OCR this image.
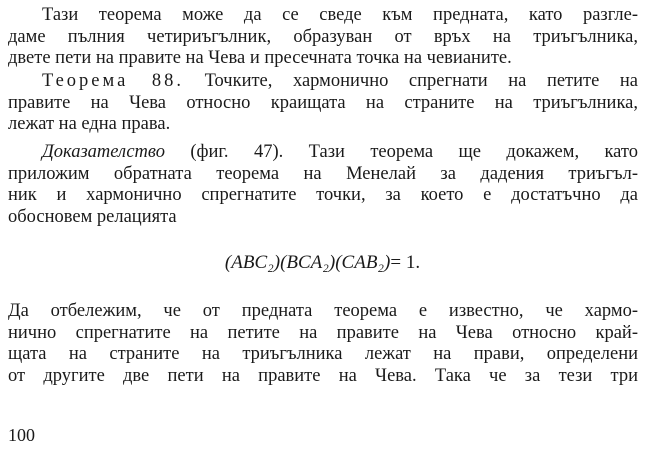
Тази теорема може да се сведе към предната, като разгле-
даме пълния четириъгълник, образуван от връх на триъгълника,
двете пети на правите на Чева и пресечната точка на чевианите.

Теорема 88. Точките, хармонично спрегнати на петите на
правите на Чева относно краищата на страните на триъгълника,
лежат на една права.

Доказателство (фиг. 47). Тази теорема ще докажем, като
приложим обратната теорема на Менелай за дадения триъгъл-
ник и хармонично спрегнатите точки, за което е достатъчно да
обосновем релацията

(ABC₂)(BCA₂)(CAB₂)= 1.

Да отбележим, че от предната теорема е известно, че хармо-
нично спрегнатите на петите на правите на Чева относно край-
щата на страните на триъгълника лежат на прави, определени
от другите две пети на правите на Чева. Така че за тези три

100
